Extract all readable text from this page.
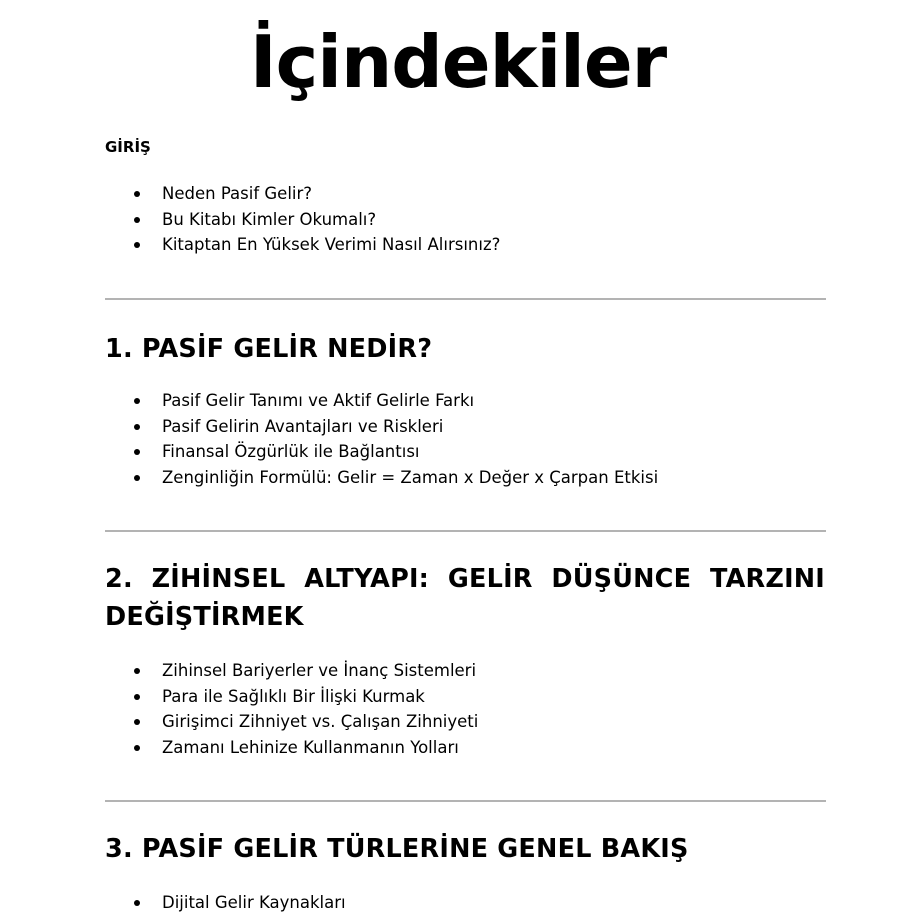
İçindekiler
GİRİŞ
Neden Pasif Gelir?
Bu Kitabı Kimler Okumalı?
Kitaptan En Yüksek Verimi Nasıl Alırsınız?
1. PASİF GELİR NEDİR?
Pasif Gelir Tanımı ve Aktif Gelirle Farkı
Pasif Gelirin Avantajları ve Riskleri
Finansal Özgürlük ile Bağlantısı
Zenginliğin Formülü: Gelir = Zaman x Değer x Çarpan Etkisi
2. ZİHİNSEL ALTYAPI: GELİR DÜŞÜNCE TARZINI
DEĞİŞTİRMEK
Zihinsel Bariyerler ve İnanç Sistemleri
Para ile Sağlıklı Bir İlişki Kurmak
Girişimci Zihniyet vs. Çalışan Zihniyeti
Zamanı Lehinize Kullanmanın Yolları
3. PASİF GELİR TÜRLERİNE GENEL BAKIŞ
Dijital Gelir Kaynakları
